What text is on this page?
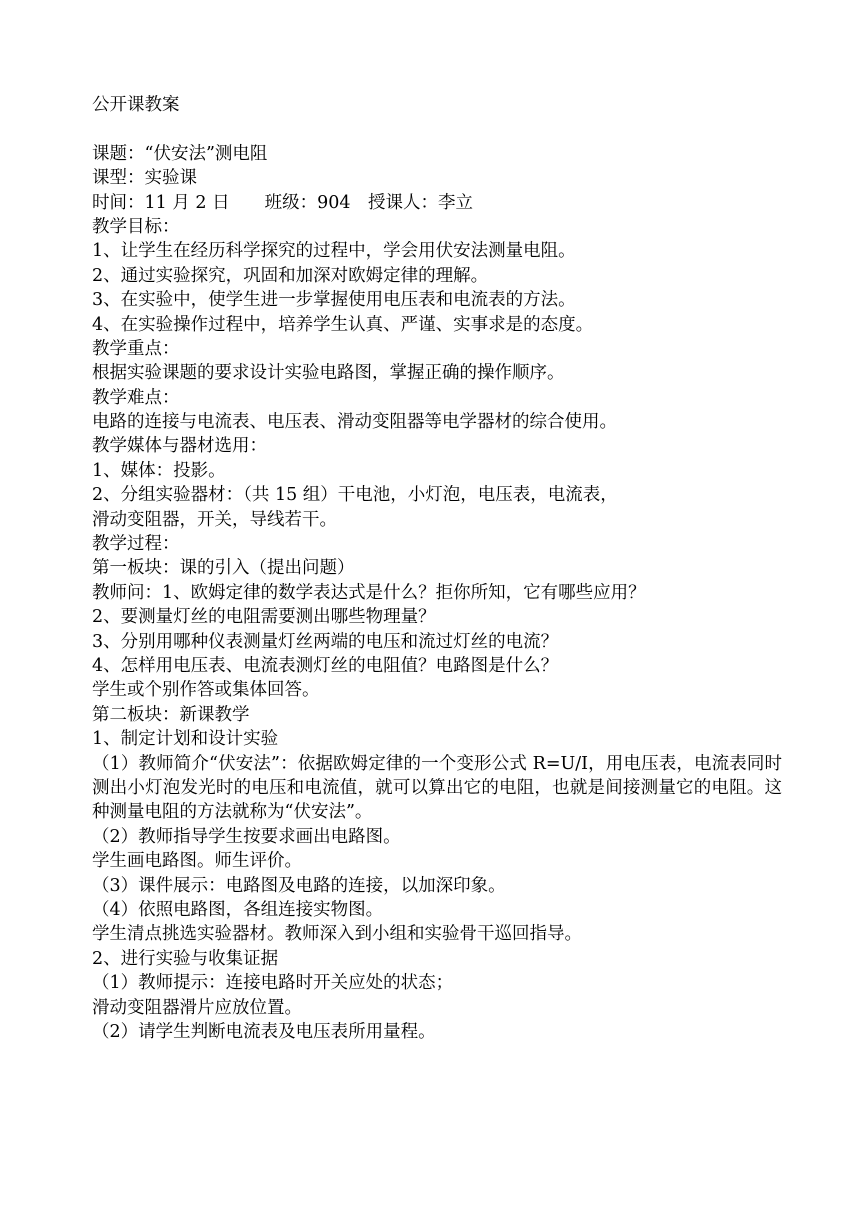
公开课教案
课题：“伏安法”测电阻
课型：实验课
时间：11 月 2 日　　班级：904　授课人：李立
教学目标：
1、让学生在经历科学探究的过程中，学会用伏安法测量电阻。
2、通过实验探究，巩固和加深对欧姆定律的理解。
3、在实验中，使学生进一步掌握使用电压表和电流表的方法。
4、在实验操作过程中，培养学生认真、严谨、实事求是的态度。
教学重点：
根据实验课题的要求设计实验电路图，掌握正确的操作顺序。
教学难点：
电路的连接与电流表、电压表、滑动变阻器等电学器材的综合使用。
教学媒体与器材选用：
1、媒体：投影。
2、分组实验器材：（共 15 组）干电池，小灯泡，电压表，电流表，
滑动变阻器，开关，导线若干。
教学过程：
第一板块：课的引入（提出问题）
教师问：1、欧姆定律的数学表达式是什么？拒你所知，它有哪些应用？
2、要测量灯丝的电阻需要测出哪些物理量？
3、分别用哪种仪表测量灯丝两端的电压和流过灯丝的电流？
4、怎样用电压表、电流表测灯丝的电阻值？电路图是什么？
学生或个别作答或集体回答。
第二板块：新课教学
1、制定计划和设计实验
（1）教师简介“伏安法”：依据欧姆定律的一个变形公式 R=U/I，用电压表，电流表同时测出小灯泡发光时的电压和电流值，就可以算出它的电阻，也就是间接测量它的电阻。这种测量电阻的方法就称为“伏安法”。
（2）教师指导学生按要求画出电路图。
学生画电路图。师生评价。
（3）课件展示：电路图及电路的连接，以加深印象。
（4）依照电路图，各组连接实物图。
学生清点挑选实验器材。教师深入到小组和实验骨干巡回指导。
2、进行实验与收集证据
（1）教师提示：连接电路时开关应处的状态；
滑动变阻器滑片应放位置。
（2）请学生判断电流表及电压表所用量程。
